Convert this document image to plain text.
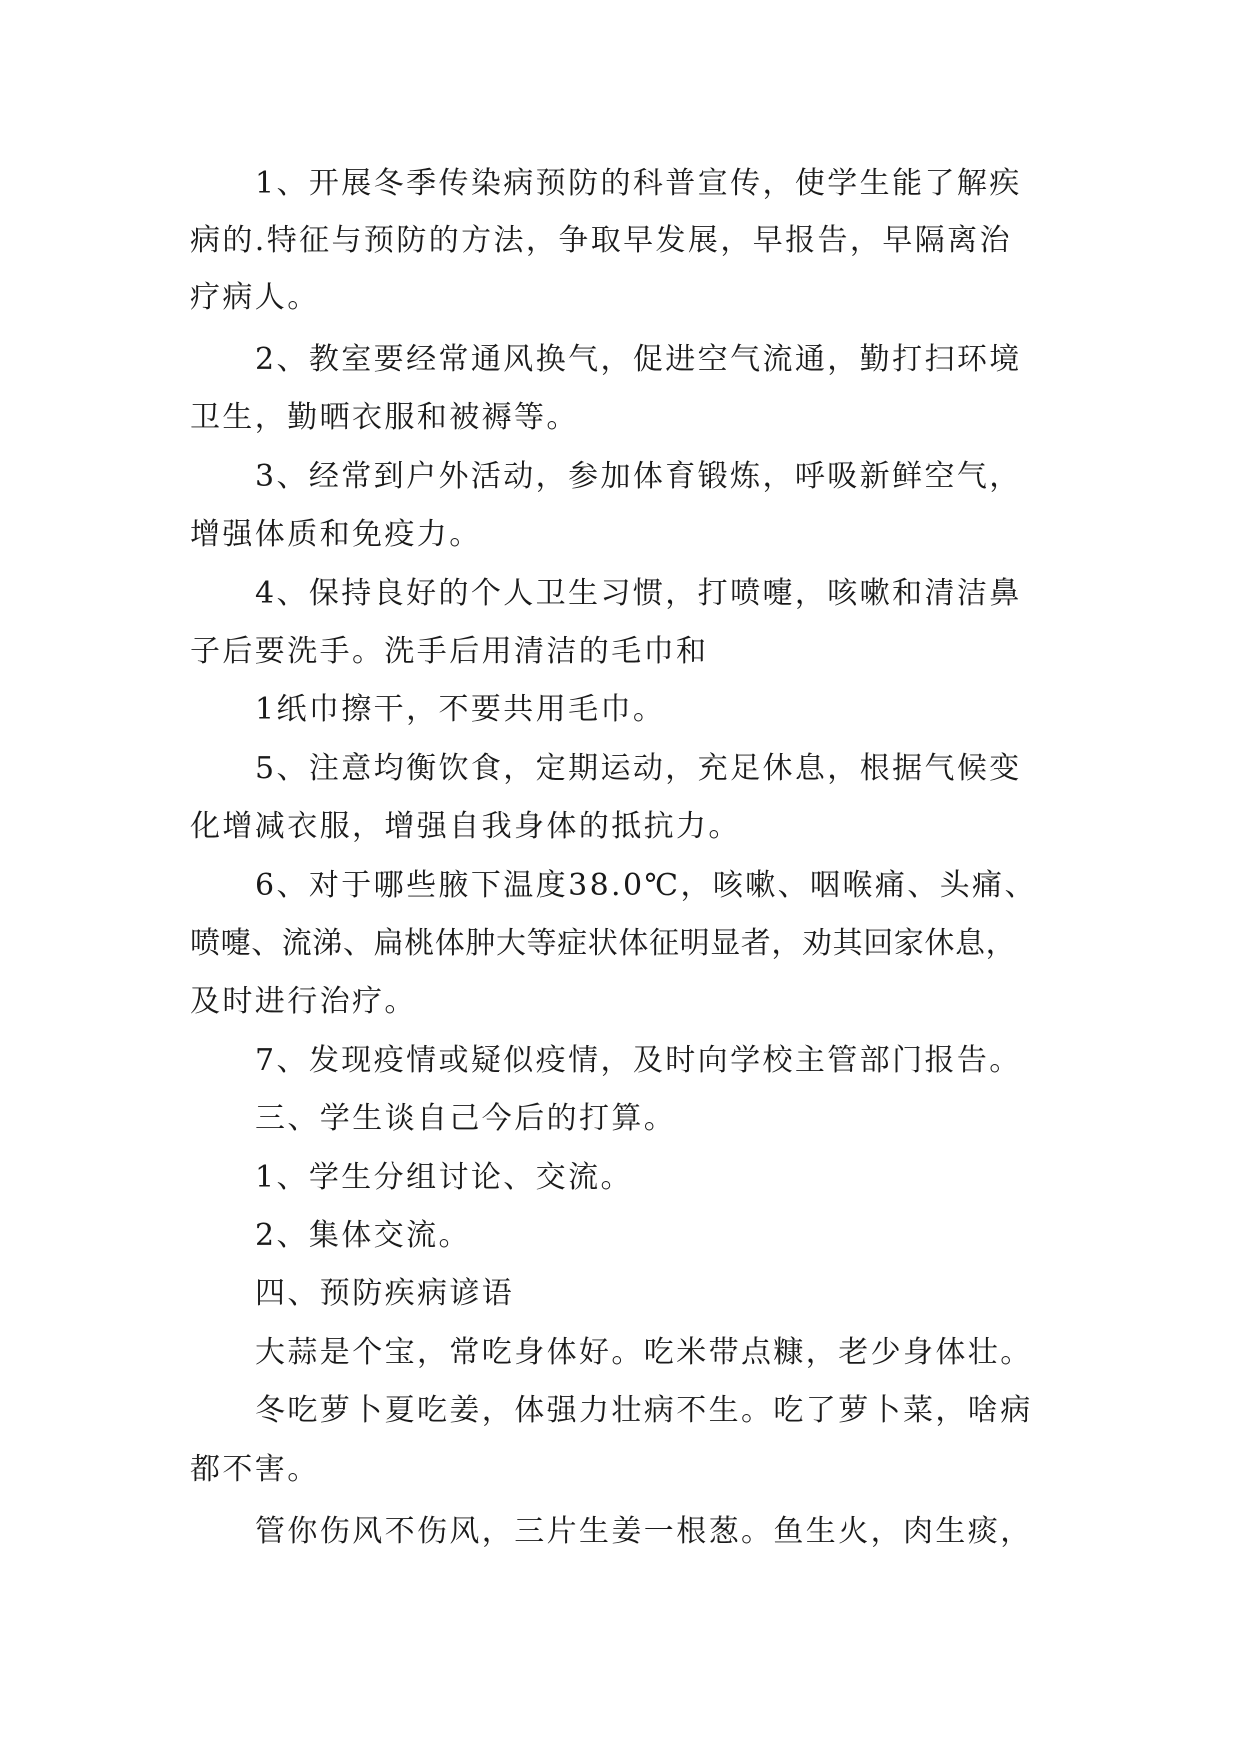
1、开展冬季传染病预防的科普宣传，使学生能了解疾

病的.特征与预防的方法，争取早发展，早报告，早隔离治

疗病人。

2、教室要经常通风换气，促进空气流通，勤打扫环境

卫生，勤晒衣服和被褥等。

3、经常到户外活动，参加体育锻炼，呼吸新鲜空气，

增强体质和免疫力。

4、保持良好的个人卫生习惯，打喷嚏，咳嗽和清洁鼻

子后要洗手。洗手后用清洁的毛巾和

1纸巾擦干，不要共用毛巾。

5、注意均衡饮食，定期运动，充足休息，根据气候变

化增减衣服，增强自我身体的抵抗力。

6、对于哪些腋下温度38.0℃，咳嗽、咽喉痛、头痛、

喷嚏、流涕、扁桃体肿大等症状体征明显者，劝其回家休息，

及时进行治疗。

7、发现疫情或疑似疫情，及时向学校主管部门报告。

三、学生谈自己今后的打算。

1、学生分组讨论、交流。

2、集体交流。

四、预防疾病谚语

大蒜是个宝，常吃身体好。吃米带点糠，老少身体壮。

冬吃萝卜夏吃姜，体强力壮病不生。吃了萝卜菜，啥病

都不害。

管你伤风不伤风，三片生姜一根葱。鱼生火，肉生痰，
